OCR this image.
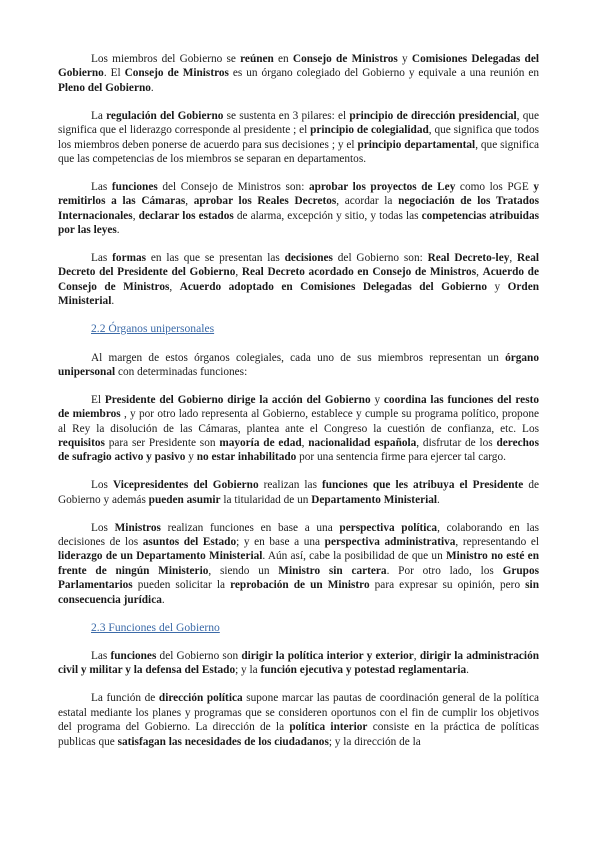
Los miembros del Gobierno se reúnen en Consejo de Ministros y Comisiones Delegadas del Gobierno. El Consejo de Ministros es un órgano colegiado del Gobierno y equivale a una reunión en Pleno del Gobierno.

La regulación del Gobierno se sustenta en 3 pilares: el principio de dirección presidencial, que significa que el liderazgo corresponde al presidente ; el principio de colegialidad, que significa que todos los miembros deben ponerse de acuerdo para sus decisiones ; y el principio departamental, que significa que las competencias de los miembros se separan en departamentos.

Las funciones del Consejo de Ministros son: aprobar los proyectos de Ley como los PGE y remitirlos a las Cámaras, aprobar los Reales Decretos, acordar la negociación de los Tratados Internacionales, declarar los estados de alarma, excepción y sitio, y todas las competencias atribuidas por las leyes.

Las formas en las que se presentan las decisiones del Gobierno son: Real Decreto-ley, Real Decreto del Presidente del Gobierno, Real Decreto acordado en Consejo de Ministros, Acuerdo de Consejo de Ministros, Acuerdo adoptado en Comisiones Delegadas del Gobierno y Orden Ministerial.

2.2 Órganos unipersonales

Al margen de estos órganos colegiales, cada uno de sus miembros representan un órgano unipersonal con determinadas funciones:

El Presidente del Gobierno dirige la acción del Gobierno y coordina las funciones del resto de miembros , y por otro lado representa al Gobierno, establece y cumple su programa político, propone al Rey la disolución de las Cámaras, plantea ante el Congreso la cuestión de confianza, etc. Los requisitos para ser Presidente son mayoría de edad, nacionalidad española, disfrutar de los derechos de sufragio activo y pasivo y no estar inhabilitado por una sentencia firme para ejercer tal cargo.

Los Vicepresidentes del Gobierno realizan las funciones que les atribuya el Presidente de Gobierno y además pueden asumir la titularidad de un Departamento Ministerial.

Los Ministros realizan funciones en base a una perspectiva política, colaborando en las decisiones de los asuntos del Estado; y en base a una perspectiva administrativa, representando el liderazgo de un Departamento Ministerial. Aún así, cabe la posibilidad de que un Ministro no esté en frente de ningún Ministerio, siendo un Ministro sin cartera. Por otro lado, los Grupos Parlamentarios pueden solicitar la reprobación de un Ministro para expresar su opinión, pero sin consecuencia jurídica.

2.3 Funciones del Gobierno

Las funciones del Gobierno son dirigir la política interior y exterior, dirigir la administración civil y militar y la defensa del Estado; y la función ejecutiva y potestad reglamentaria.

La función de dirección política supone marcar las pautas de coordinación general de la política estatal mediante los planes y programas que se consideren oportunos con el fin de cumplir los objetivos del programa del Gobierno. La dirección de la política interior consiste en la práctica de políticas publicas que satisfagan las necesidades de los ciudadanos; y la dirección de la
